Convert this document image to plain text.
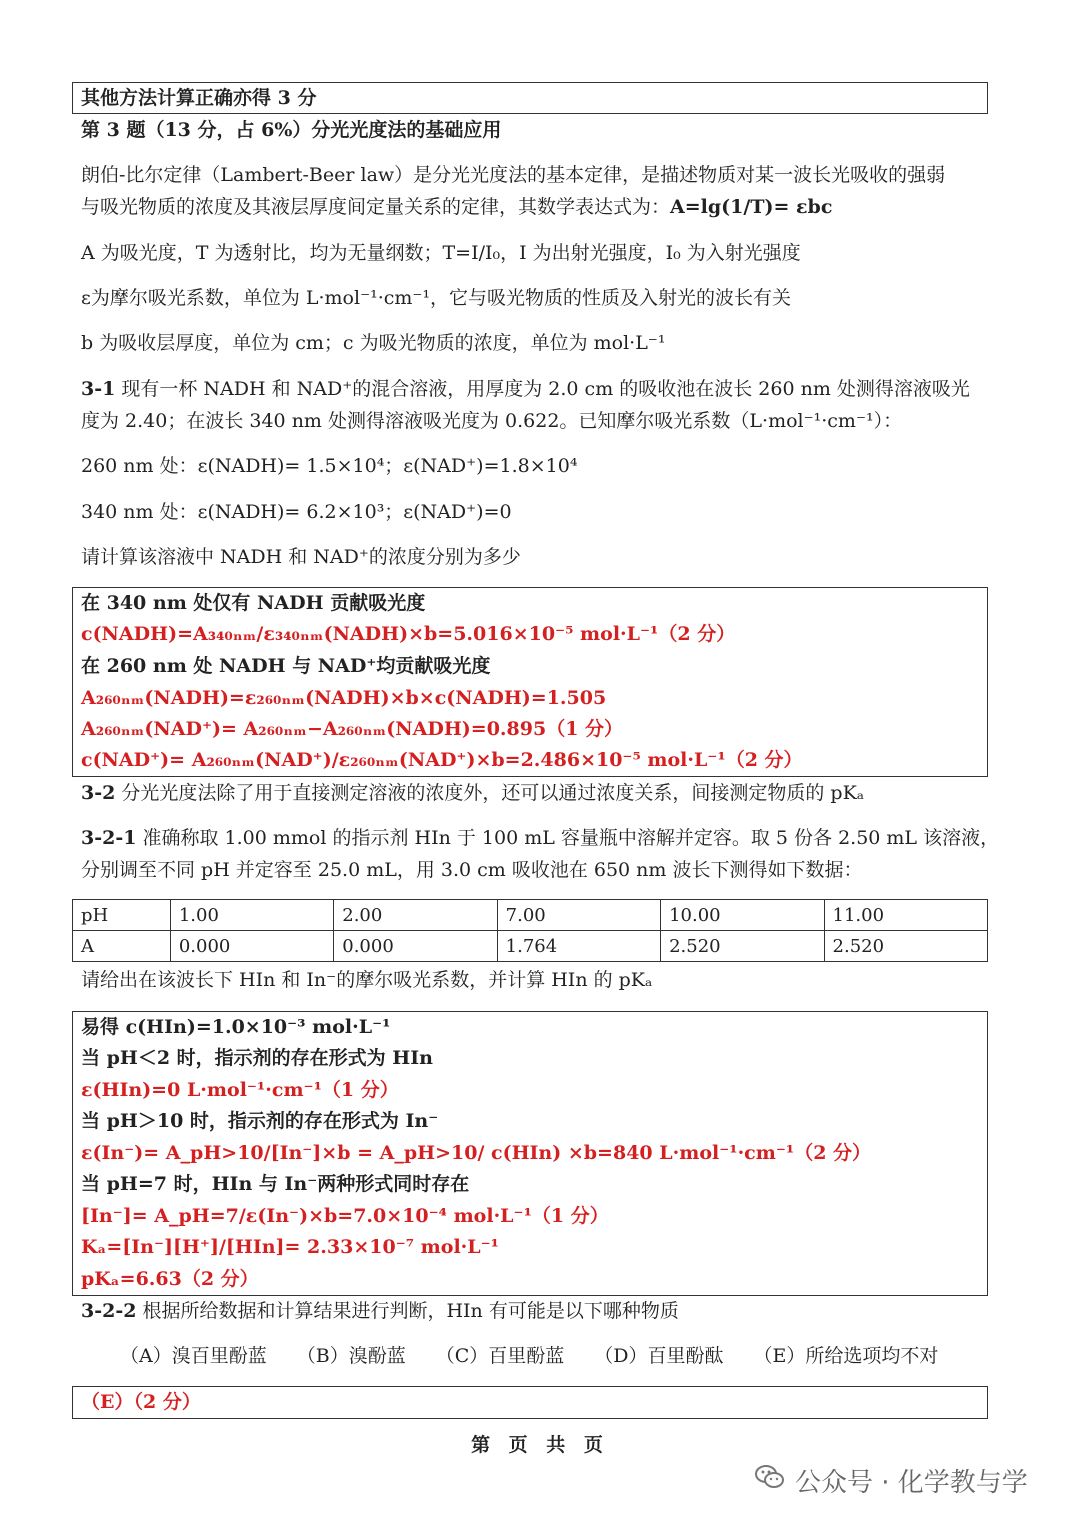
其他方法计算正确亦得 3 分
第 3 题（13 分，占 6%）分光光度法的基础应用
朗伯-比尔定律（Lambert-Beer law）是分光光度法的基本定律，是描述物质对某一波长光吸收的强弱
与吸光物质的浓度及其液层厚度间定量关系的定律，其数学表达式为：A=lg(1/T)= εbc
A 为吸光度，T 为透射比，均为无量纲数；T=I/I₀，I 为出射光强度，I₀ 为入射光强度
ε为摩尔吸光系数，单位为 L·mol⁻¹·cm⁻¹，它与吸光物质的性质及入射光的波长有关
b 为吸收层厚度，单位为 cm；c 为吸光物质的浓度，单位为 mol·L⁻¹
3-1 现有一杯 NADH 和 NAD⁺的混合溶液，用厚度为 2.0 cm 的吸收池在波长 260 nm 处测得溶液吸光
度为 2.40；在波长 340 nm 处测得溶液吸光度为 0.622。已知摩尔吸光系数（L·mol⁻¹·cm⁻¹）：
260 nm 处：ε(NADH)= 1.5×10⁴；ε(NAD⁺)=1.8×10⁴
340 nm 处：ε(NADH)= 6.2×10³；ε(NAD⁺)=0
请计算该溶液中 NADH 和 NAD⁺的浓度分别为多少
在 340 nm 处仅有 NADH 贡献吸光度
c(NADH)=A₃₄₀ₙₘ/ε₃₄₀ₙₘ(NADH)×b=5.016×10⁻⁵ mol·L⁻¹（2 分）
在 260 nm 处 NADH 与 NAD⁺均贡献吸光度
A₂₆₀ₙₘ(NADH)=ε₂₆₀ₙₘ(NADH)×b×c(NADH)=1.505
A₂₆₀ₙₘ(NAD⁺)= A₂₆₀ₙₘ−A₂₆₀ₙₘ(NADH)=0.895（1 分）
c(NAD⁺)= A₂₆₀ₙₘ(NAD⁺)/ε₂₆₀ₙₘ(NAD⁺)×b=2.486×10⁻⁵ mol·L⁻¹（2 分）
3-2 分光光度法除了用于直接测定溶液的浓度外，还可以通过浓度关系，间接测定物质的 pKₐ
3-2-1 准确称取 1.00 mmol 的指示剂 HIn 于 100 mL 容量瓶中溶解并定容。取 5 份各 2.50 mL 该溶液，
分别调至不同 pH 并定容至 25.0 mL，用 3.0 cm 吸收池在 650 nm 波长下测得如下数据：
pH	1.00	2.00	7.00	10.00	11.00
A	0.000	0.000	1.764	2.520	2.520
请给出在该波长下 HIn 和 In⁻的摩尔吸光系数，并计算 HIn 的 pKₐ
易得 c(HIn)=1.0×10⁻³ mol·L⁻¹
当 pH＜2 时，指示剂的存在形式为 HIn
ε(HIn)=0 L·mol⁻¹·cm⁻¹（1 分）
当 pH＞10 时，指示剂的存在形式为 In⁻
ε(In⁻)= A_pH>10/[In⁻]×b = A_pH>10/ c(HIn) ×b=840 L·mol⁻¹·cm⁻¹（2 分）
当 pH=7 时，HIn 与 In⁻两种形式同时存在
[In⁻]= A_pH=7/ε(In⁻)×b=7.0×10⁻⁴ mol·L⁻¹（1 分）
Kₐ=[In⁻][H⁺]/[HIn]= 2.33×10⁻⁷ mol·L⁻¹
pKₐ=6.63（2 分）
3-2-2 根据所给数据和计算结果进行判断，HIn 有可能是以下哪种物质
（A）溴百里酚蓝 （B）溴酚蓝 （C）百里酚蓝 （D）百里酚酞 （E）所给选项均不对
（E）（2 分）
第 页 共 页
公众号 · 化学教与学
